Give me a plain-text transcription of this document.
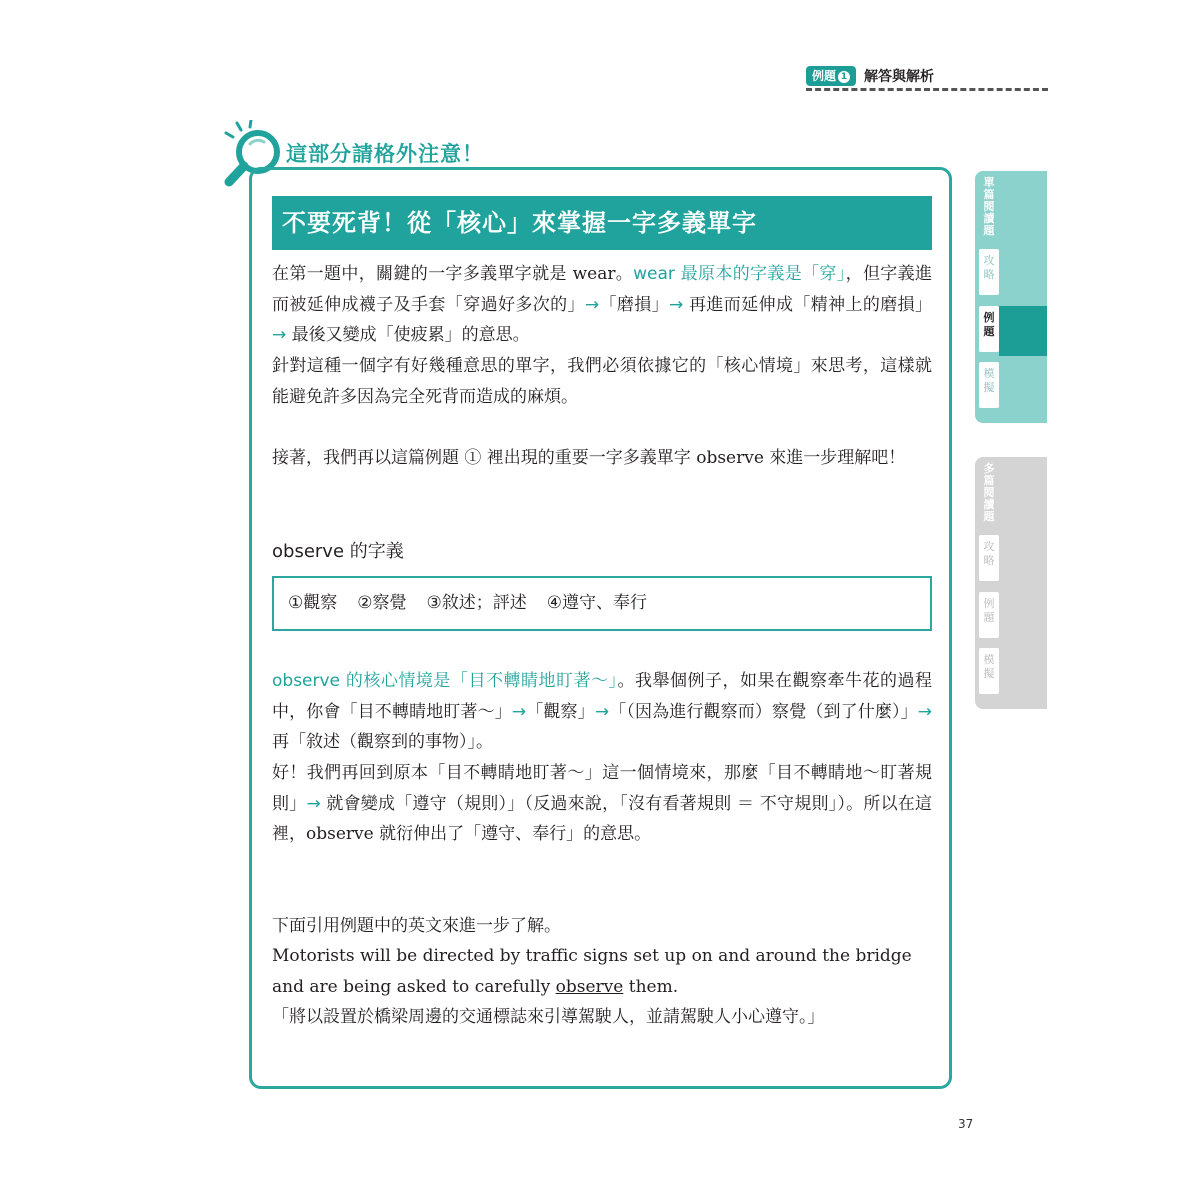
例題 1	解答與解析
這部分請格外注意！
不要死背！從「核心」來掌握一字多義單字
在第一題中，關鍵的一字多義單字就是 wear。wear 最原本的字義是「穿」，但字義進而被延伸成襪子及手套「穿過好多次的」→「磨損」→ 再進而延伸成「精神上的磨損」→ 最後又變成「使疲累」的意思。
針對這種一個字有好幾種意思的單字，我們必須依據它的「核心情境」來思考，這樣就能避免許多因為完全死背而造成的麻煩。
接著，我們再以這篇例題 ① 裡出現的重要一字多義單字 observe 來進一步理解吧！
observe 的字義
①觀察 ②察覺 ③敘述；評述 ④遵守、奉行
observe 的核心情境是「目不轉睛地盯著～」。我舉個例子，如果在觀察牽牛花的過程中，你會「目不轉睛地盯著～」→「觀察」→「（因為進行觀察而）察覺（到了什麼）」→ 再「敘述（觀察到的事物）」。
好！我們再回到原本「目不轉睛地盯著～」這一個情境來，那麼「目不轉睛地～盯著規則」→ 就會變成「遵守（規則）」（反過來說，「沒有看著規則 ＝ 不守規則」）。所以在這裡，observe 就衍伸出了「遵守、奉行」的意思。
下面引用例題中的英文來進一步了解。
Motorists will be directed by traffic signs set up on and around the bridge and are being asked to carefully observe them.
「將以設置於橋梁周邊的交通標誌來引導駕駛人，並請駕駛人小心遵守。」
單篇閱讀題
攻略
例題
模擬
多篇閱讀題
攻略
例題
模擬
37
